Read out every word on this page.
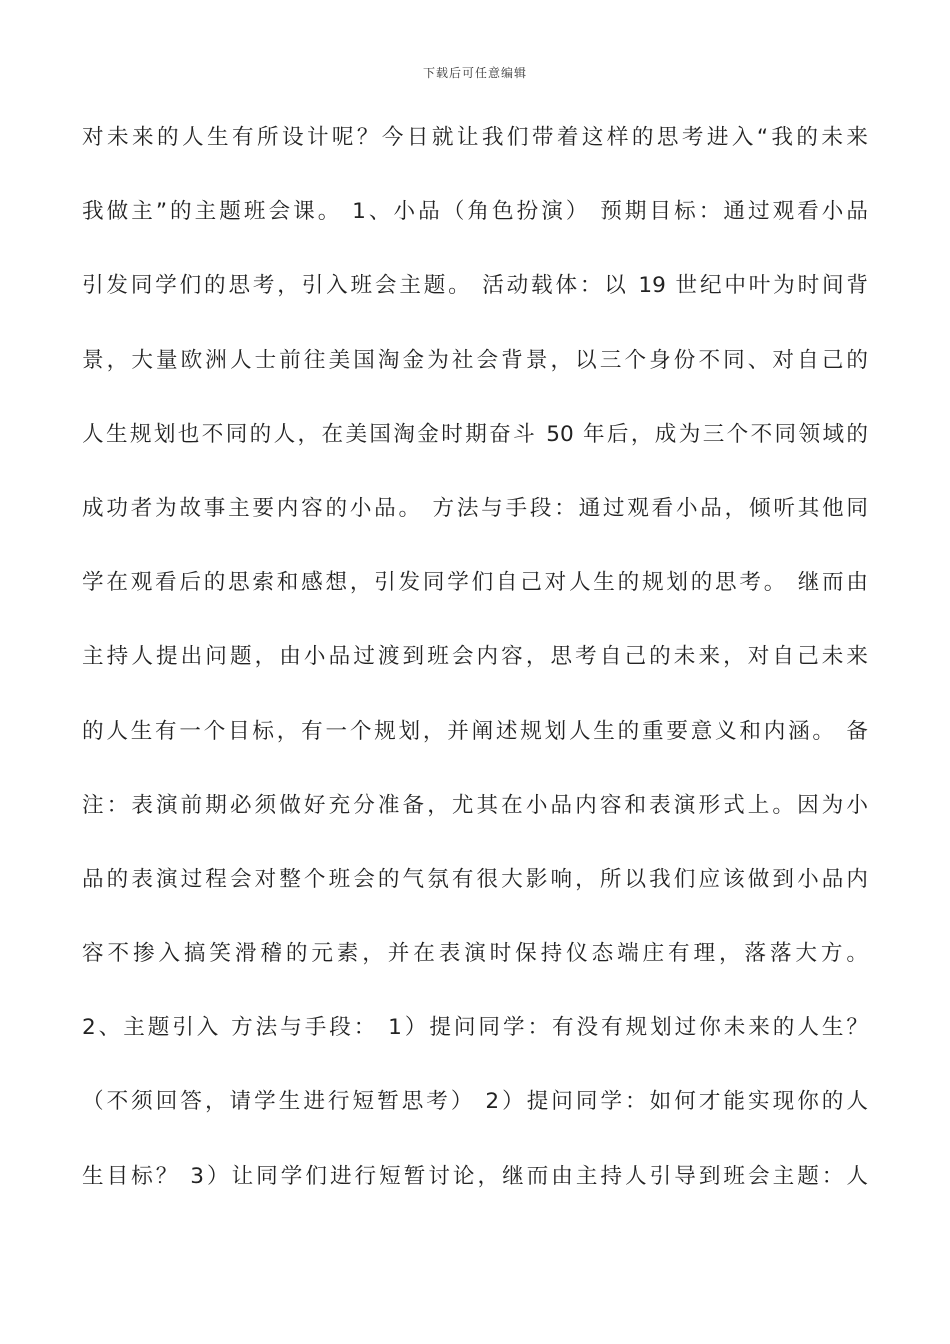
下载后可任意编辑
对未来的人生有所设计呢？今日就让我们带着这样的思考进入“我的未来
我做主”的主题班会课。 1、小品（角色扮演） 预期目标：通过观看小品
引发同学们的思考，引入班会主题。 活动载体：以 19 世纪中叶为时间背
景，大量欧洲人士前往美国淘金为社会背景，以三个身份不同、对自己的
人生规划也不同的人，在美国淘金时期奋斗 50 年后，成为三个不同领域的
成功者为故事主要内容的小品。 方法与手段：通过观看小品，倾听其他同
学在观看后的思索和感想，引发同学们自己对人生的规划的思考。 继而由
主持人提出问题，由小品过渡到班会内容，思考自己的未来，对自己未来
的人生有一个目标，有一个规划，并阐述规划人生的重要意义和内涵。 备
注：表演前期必须做好充分准备，尤其在小品内容和表演形式上。因为小
品的表演过程会对整个班会的气氛有很大影响，所以我们应该做到小品内
容不掺入搞笑滑稽的元素，并在表演时保持仪态端庄有理，落落大方。
2、主题引入 方法与手段： 1）提问同学：有没有规划过你未来的人生？
（不须回答，请学生进行短暂思考） 2）提问同学：如何才能实现你的人
生目标？ 3）让同学们进行短暂讨论，继而由主持人引导到班会主题：人
